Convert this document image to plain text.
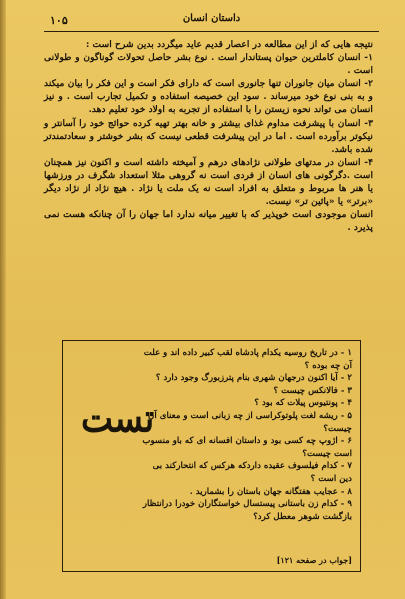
۱۰۵	داستان انسان

نتیجه هایی که از این مطالعه در اعصار قدیم عاید میگردد بدین شرح است :

۱- انسان کاملترین حیوان پستاندار است . نوع بشر حاصل تحولات گوناگون و طولانی است .

۲- انسان میان جانوران تنها جانوری است که دارای فکر است و این فکر را بیان میکند و به بنی نوع خود میرساند . سود این خصیصه استفاده و تکمیل تجارب است . و نیز انسان می تواند نحوه زیستن را با استفاده از تجربه به اولاد خود تعلیم دهد.

۳- انسان با پیشرفت مداوم غذای بیشتر و خانه بهتر تهیه کرده حوائج خود را آسانتر و نیکوتر برآورده است . اما در این پیشرفت قطعی نیست که بشر خوشتر و سعادتمندتر شده باشد.

۴- انسان در مدتهای طولانی نژادهای درهم و آمیخته داشته است و اکنون نیز همچنان است .دگرگونی های انسان از فردی است نه گروهی مثلا استعداد شگرف در ورزشها یا هنر ها مربوط و متعلق به افراد است نه یک ملت یا نژاد . هیچ نژاد از نژاد دیگر «برتر» یا «پائین تر» نیست.

انسان موجودی است خوپذیر که با تغییر میانه ندارد اما جهان را آن چنانکه هست نمی پذیرد .

تست
۱ - در تاریخ روسیه یکدام پادشاه لقب کبیر داده اند و علت آن چه بوده ؟
۲ - آیا اکنون درجهان شهری بنام پترزبورگ وجود دارد ؟
۳ - فالانکس چیست ؟
۴ - پونتیوس پیلات که بود ؟
۵ - ریشه لغت پلوتوکراسی از چه زبانی است و معنای آن چیست؟
۶ - اژوپ چه کسی بود و داستان افسانه ای که باو منسوب است چیست؟
۷ - کدام فیلسوف عقیده داردکه هرکس که انتحارکند بی دین است ؟
۸ - عجایب هفتگانه جهان باستان را بشمارید .
۹ - کدام زن باستانی پیستسال خواستگاران خودرا درانتظار بازگشت شوهر معطل کرد؟
[جواب در صفحه ۱۲۱]
